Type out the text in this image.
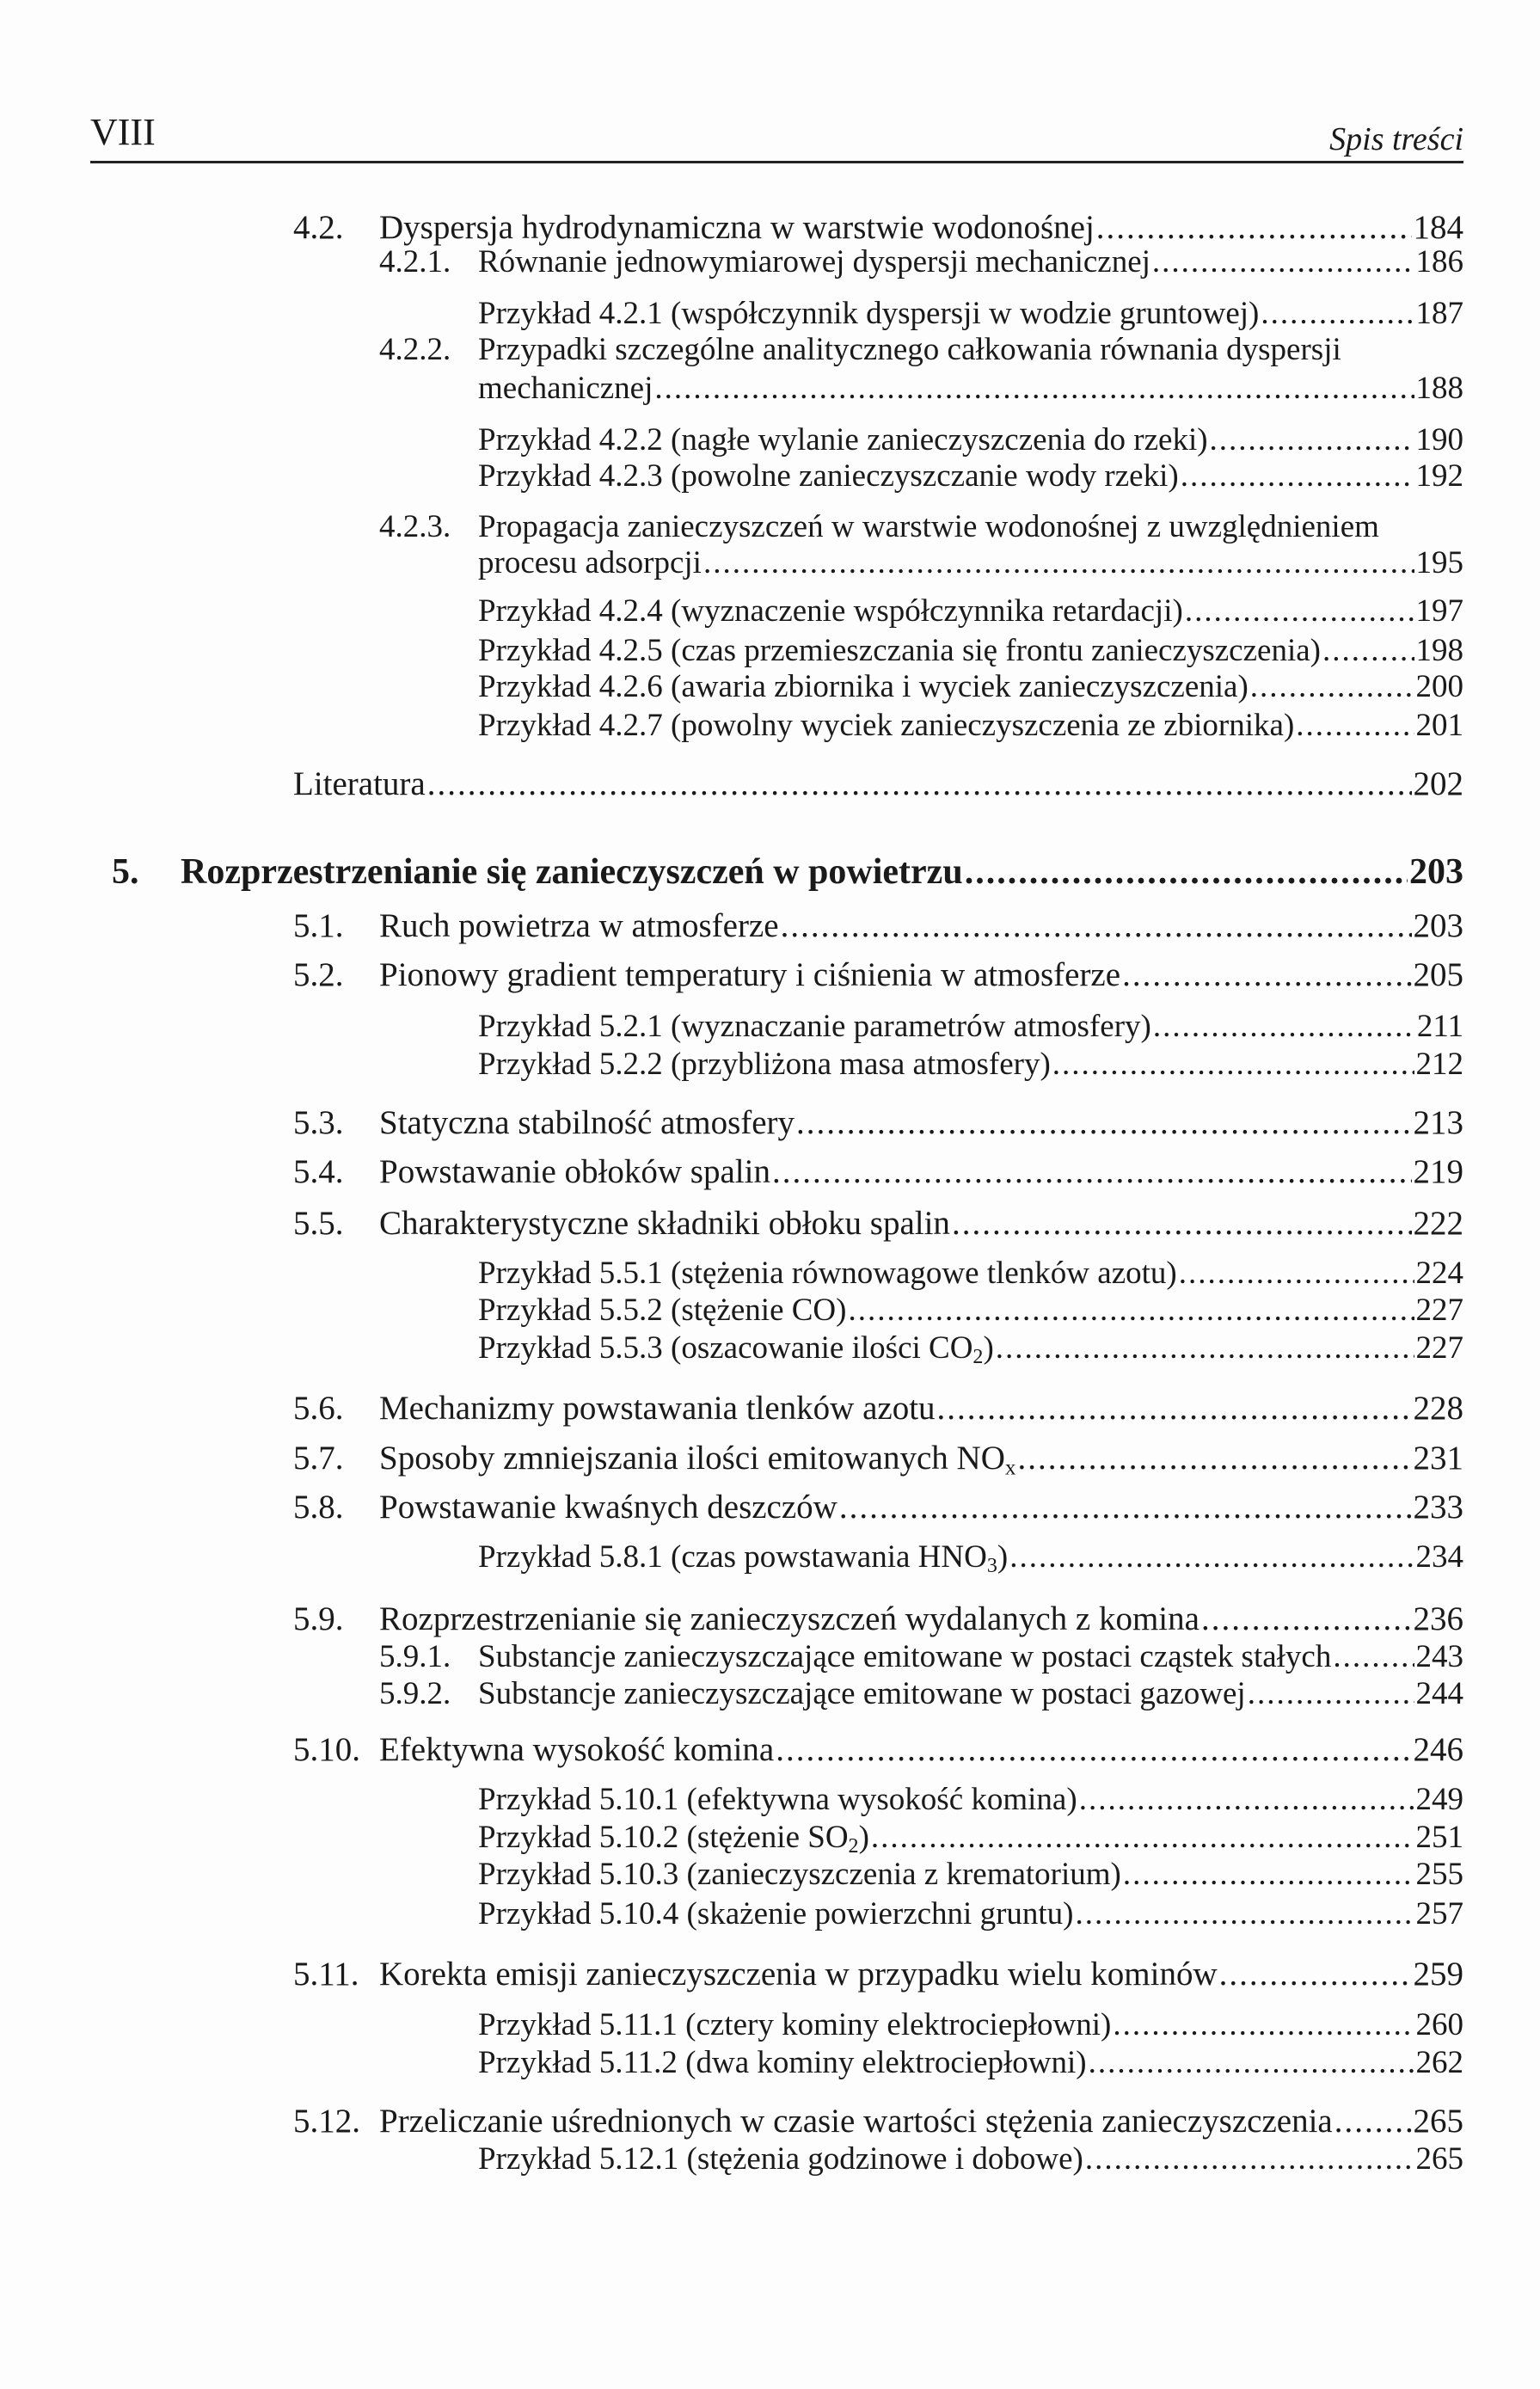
VIII	Spis treści
4.2. Dyspersja hydrodynamiczna w warstwie wodonośnej .....	184
4.2.1. Równanie jednowymiarowej dyspersji mechanicznej .....	186
Przykład 4.2.1 (współczynnik dyspersji w wodzie gruntowej) .....	187
4.2.2. Przypadki szczególne analitycznego całkowania równania dyspersji
mechanicznej .....	188
Przykład 4.2.2 (nagłe wylanie zanieczyszczenia do rzeki) .....	190
Przykład 4.2.3 (powolne zanieczyszczanie wody rzeki) .....	192
4.2.3. Propagacja zanieczyszczeń w warstwie wodonośnej z uwzględnieniem
procesu adsorpcji .....	195
Przykład 4.2.4 (wyznaczenie współczynnika retardacji) .....	197
Przykład 4.2.5 (czas przemieszczania się frontu zanieczyszczenia) .....	198
Przykład 4.2.6 (awaria zbiornika i wyciek zanieczyszczenia) .....	200
Przykład 4.2.7 (powolny wyciek zanieczyszczenia ze zbiornika) .....	201
Literatura .....	202
5. Rozprzestrzenianie się zanieczyszczeń w powietrzu .....	203
5.1. Ruch powietrza w atmosferze .....	203
5.2. Pionowy gradient temperatury i ciśnienia w atmosferze .....	205
Przykład 5.2.1 (wyznaczanie parametrów atmosfery) .....	211
Przykład 5.2.2 (przybliżona masa atmosfery) .....	212
5.3. Statyczna stabilność atmosfery .....	213
5.4. Powstawanie obłoków spalin .....	219
5.5. Charakterystyczne składniki obłoku spalin .....	222
Przykład 5.5.1 (stężenia równowagowe tlenków azotu) .....	224
Przykład 5.5.2 (stężenie CO) .....	227
Przykład 5.5.3 (oszacowanie ilości $CO_2$) .....	227
5.6. Mechanizmy powstawania tlenków azotu .....	228
5.7. Sposoby zmniejszania ilości emitowanych $NO_x$ .....	231
5.8. Powstawanie kwaśnych deszczów .....	233
Przykład 5.8.1 (czas powstawania $HNO_3$) .....	234
5.9. Rozprzestrzenianie się zanieczyszczeń wydalanych z komina .....	236
5.9.1. Substancje zanieczyszczające emitowane w postaci cząstek stałych .....	243
5.9.2. Substancje zanieczyszczające emitowane w postaci gazowej .....	244
5.10. Efektywna wysokość komina .....	246
Przykład 5.10.1 (efektywna wysokość komina) .....	249
Przykład 5.10.2 (stężenie $SO_2$) .....	251
Przykład 5.10.3 (zanieczyszczenia z krematorium) .....	255
Przykład 5.10.4 (skażenie powierzchni gruntu) .....	257
5.11. Korekta emisji zanieczyszczenia w przypadku wielu kominów .....	259
Przykład 5.11.1 (cztery kominy elektrociepłowni) .....	260
Przykład 5.11.2 (dwa kominy elektrociepłowni) .....	262
5.12. Przeliczanie uśrednionych w czasie wartości stężenia zanieczyszczenia ..... 265
Przykład 5.12.1 (stężenia godzinowe i dobowe) .....	265
